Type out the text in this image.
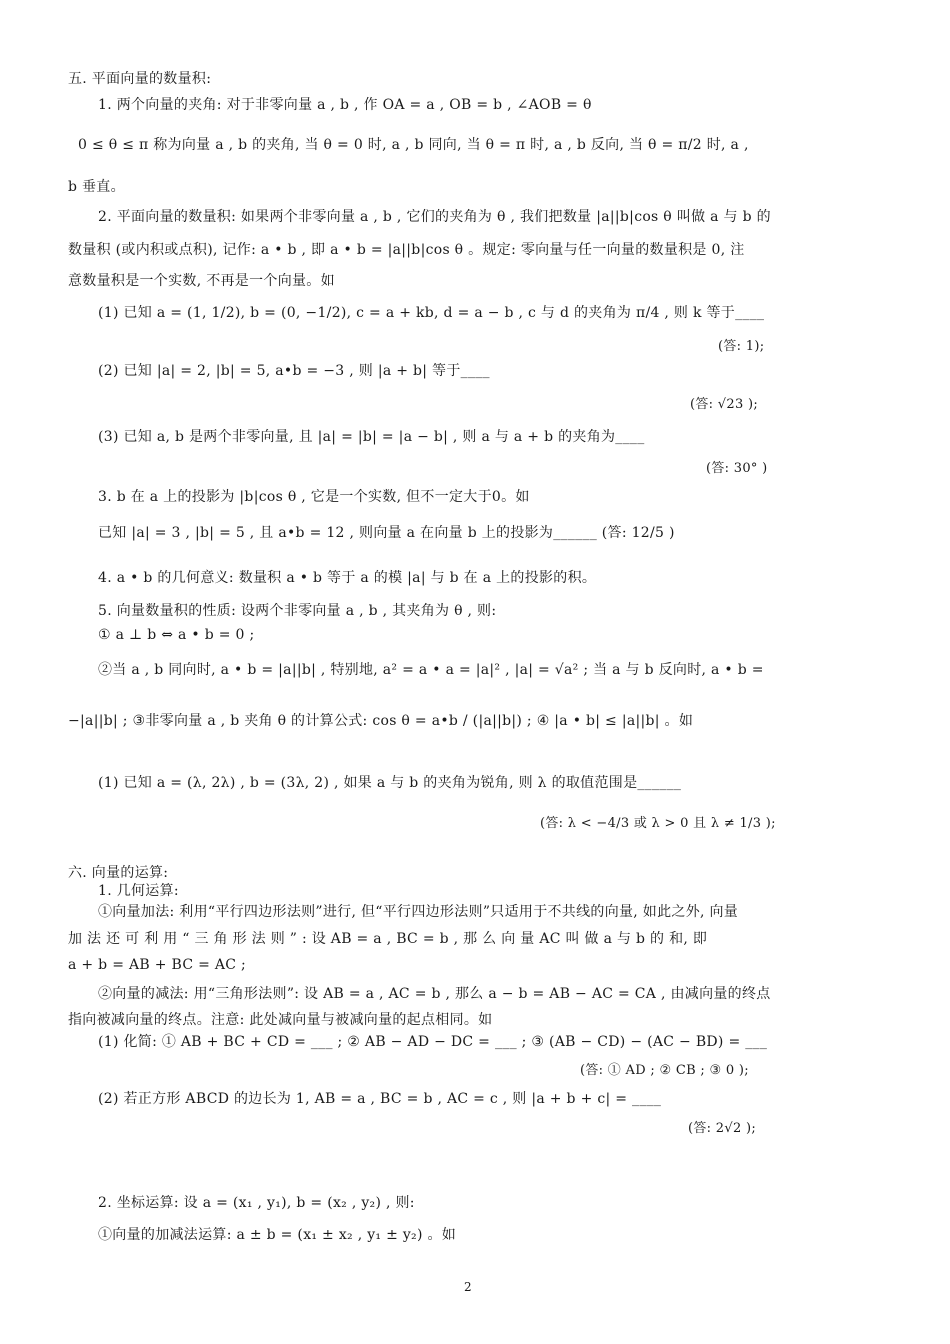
五. 平面向量的数量积:
1. 两个向量的夹角: 对于非零向量 a , b , 作 OA = a , OB = b , ∠AOB = θ
0 ≤ θ ≤ π 称为向量 a , b 的夹角, 当 θ = 0 时, a , b 同向, 当 θ = π 时, a , b 反向, 当 θ = π/2 时, a ,
b 垂直。
2. 平面向量的数量积: 如果两个非零向量 a , b , 它们的夹角为 θ , 我们把数量 |a||b|cos θ 叫做 a 与 b 的
数量积 (或内积或点积), 记作: a • b , 即 a • b = |a||b|cos θ 。规定: 零向量与任一向量的数量积是 0, 注
意数量积是一个实数, 不再是一个向量。如
(1) 已知 a = (1, 1/2), b = (0, −1/2), c = a + kb, d = a − b , c 与 d 的夹角为 π/4 , 则 k 等于____
(答: 1);
(2) 已知 |a| = 2, |b| = 5, a•b = −3 , 则 |a + b| 等于____
(答: √23 );
(3) 已知 a, b 是两个非零向量, 且 |a| = |b| = |a − b| , 则 a 与 a + b 的夹角为____
(答: 30° )
3. b 在 a 上的投影为 |b|cos θ , 它是一个实数, 但不一定大于0。如
已知 |a| = 3 , |b| = 5 , 且 a•b = 12 , 则向量 a 在向量 b 上的投影为______ (答: 12/5 )
4. a • b 的几何意义: 数量积 a • b 等于 a 的模 |a| 与 b 在 a 上的投影的积。
5. 向量数量积的性质: 设两个非零向量 a , b , 其夹角为 θ , 则:
① a ⊥ b ⇔ a • b = 0 ;
②当 a , b 同向时, a • b = |a||b| , 特别地, a² = a • a = |a|² , |a| = √a² ; 当 a 与 b 反向时, a • b =
−|a||b| ; ③非零向量 a , b 夹角 θ 的计算公式: cos θ = a•b / (|a||b|) ; ④ |a • b| ≤ |a||b| 。如
(1) 已知 a = (λ, 2λ) , b = (3λ, 2) , 如果 a 与 b 的夹角为锐角, 则 λ 的取值范围是______
(答: λ < −4/3 或 λ > 0 且 λ ≠ 1/3 );
六. 向量的运算:
1. 几何运算:
①向量加法: 利用“平行四边形法则”进行, 但“平行四边形法则”只适用于不共线的向量, 如此之外, 向量
加 法 还 可 利 用 “ 三 角 形 法 则 ” : 设 AB = a , BC = b , 那 么 向 量 AC 叫 做 a 与 b 的 和, 即
a + b = AB + BC = AC ;
②向量的减法: 用“三角形法则”: 设 AB = a , AC = b , 那么 a − b = AB − AC = CA , 由减向量的终点
指向被减向量的终点。注意: 此处减向量与被减向量的起点相同。如
(1) 化简: ① AB + BC + CD = ___ ; ② AB − AD − DC = ___ ; ③ (AB − CD) − (AC − BD) = ___
(答: ① AD ; ② CB ; ③ 0 );
(2) 若正方形 ABCD 的边长为 1, AB = a , BC = b , AC = c , 则 |a + b + c| = ____
(答: 2√2 );
2. 坐标运算: 设 a = (x₁ , y₁), b = (x₂ , y₂) , 则:
①向量的加减法运算: a ± b = (x₁ ± x₂ , y₁ ± y₂) 。如
2
